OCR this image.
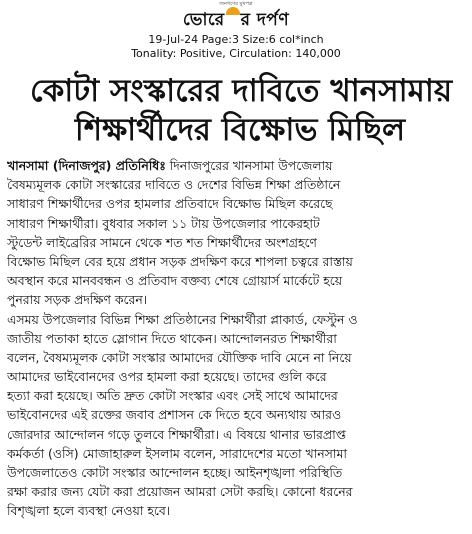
জনগণের মুখপত্র
ভোরে র দর্পণ
19-Jul-24 Page:3 Size:6 col*inch
Tonality: Positive, Circulation: 140,000
কোটা সংস্কারের দাবিতে খানসামায়
শিক্ষার্থীদের বিক্ষোভ মিছিল
খানসামা (দিনাজপুর) প্রতিনিধিঃ দিনাজপুরের খানসামা উপজেলায়
বৈষম্যমূলক কোটা সংস্কারের দাবিতে ও দেশের বিভিন্ন শিক্ষা প্রতিষ্ঠানে
সাধারণ শিক্ষার্থীদের ওপর হামলার প্রতিবাদে বিক্ষোভ মিছিল করেছে
সাধারণ শিক্ষার্থীরা। বুধবার সকাল ১১ টায় উপজেলার পাকেরহাট
স্টুডেন্ট লাইব্রেরির সামনে থেকে শত শত শিক্ষার্থীদের অংশগ্রহণে
বিক্ষোভ মিছিল বের হয়ে প্রধান সড়ক প্রদক্ষিণ করে শাপলা চত্বরে রাস্তায়
অবস্থান করে মানববন্ধন ও প্রতিবাদ বক্তব্য শেষে গ্রোয়ার্স মার্কেটে হয়ে
পুনরায় সড়ক প্রদক্ষিণ করেন।
এসময় উপজেলার বিভিন্ন শিক্ষা প্রতিষ্ঠানের শিক্ষার্থীরা প্লাকার্ড, ফেস্টুন ও
জাতীয় পতাকা হাতে স্লোগান দিতে থাকেন। আন্দোলনরত শিক্ষার্থীরা
বলেন, বৈষম্যমূলক কোটা সংস্কার আমাদের যৌক্তিক দাবি মেনে না নিয়ে
আমাদের ভাইবোনদের ওপর হামলা করা হয়েছে। তাদের গুলি করে
হত্যা করা হয়েছে। অতি দ্রুত কোটা সংস্কার এবং সেই সাথে আমাদের
ভাইবোনদের এই রক্তের জবাব প্রশাসন কে দিতে হবে অন্যথায় আরও
জোরদার আন্দোলন গড়ে তুলবে শিক্ষার্থীরা। এ বিষয়ে থানার ভারপ্রাপ্ত
কর্মকর্তা (ওসি) মোজাহারুল ইসলাম বলেন, সারাদেশের মতো খানসামা
উপজেলাতেও কোটা সংস্কার আন্দোলন হচ্ছে। আইনশৃঙ্খলা পরিস্থিতি
রক্ষা করার জন্য যেটা করা প্রয়োজন আমরা সেটা করছি। কোনো ধরনের
বিশৃঙ্খলা হলে ব্যবস্থা নেওয়া হবে।
